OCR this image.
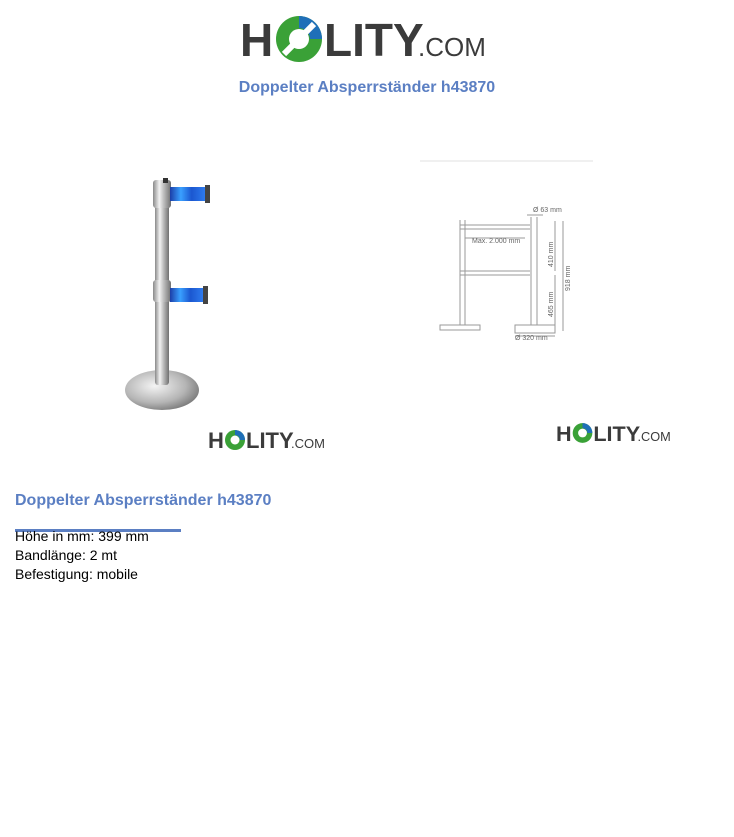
H LITY
.COM
Doppelter Absperrständer h43870
Ø 63 mm
Max. 2.000 mm
410 mm
918 mm
465 mm
Ø 320 mm
H LITY
.COM	H LITY
.COM
Doppelter Absperrständer h43870
Höhe in mm: 399 mm
Bandlänge: 2 mt
Befestigung: mobile
